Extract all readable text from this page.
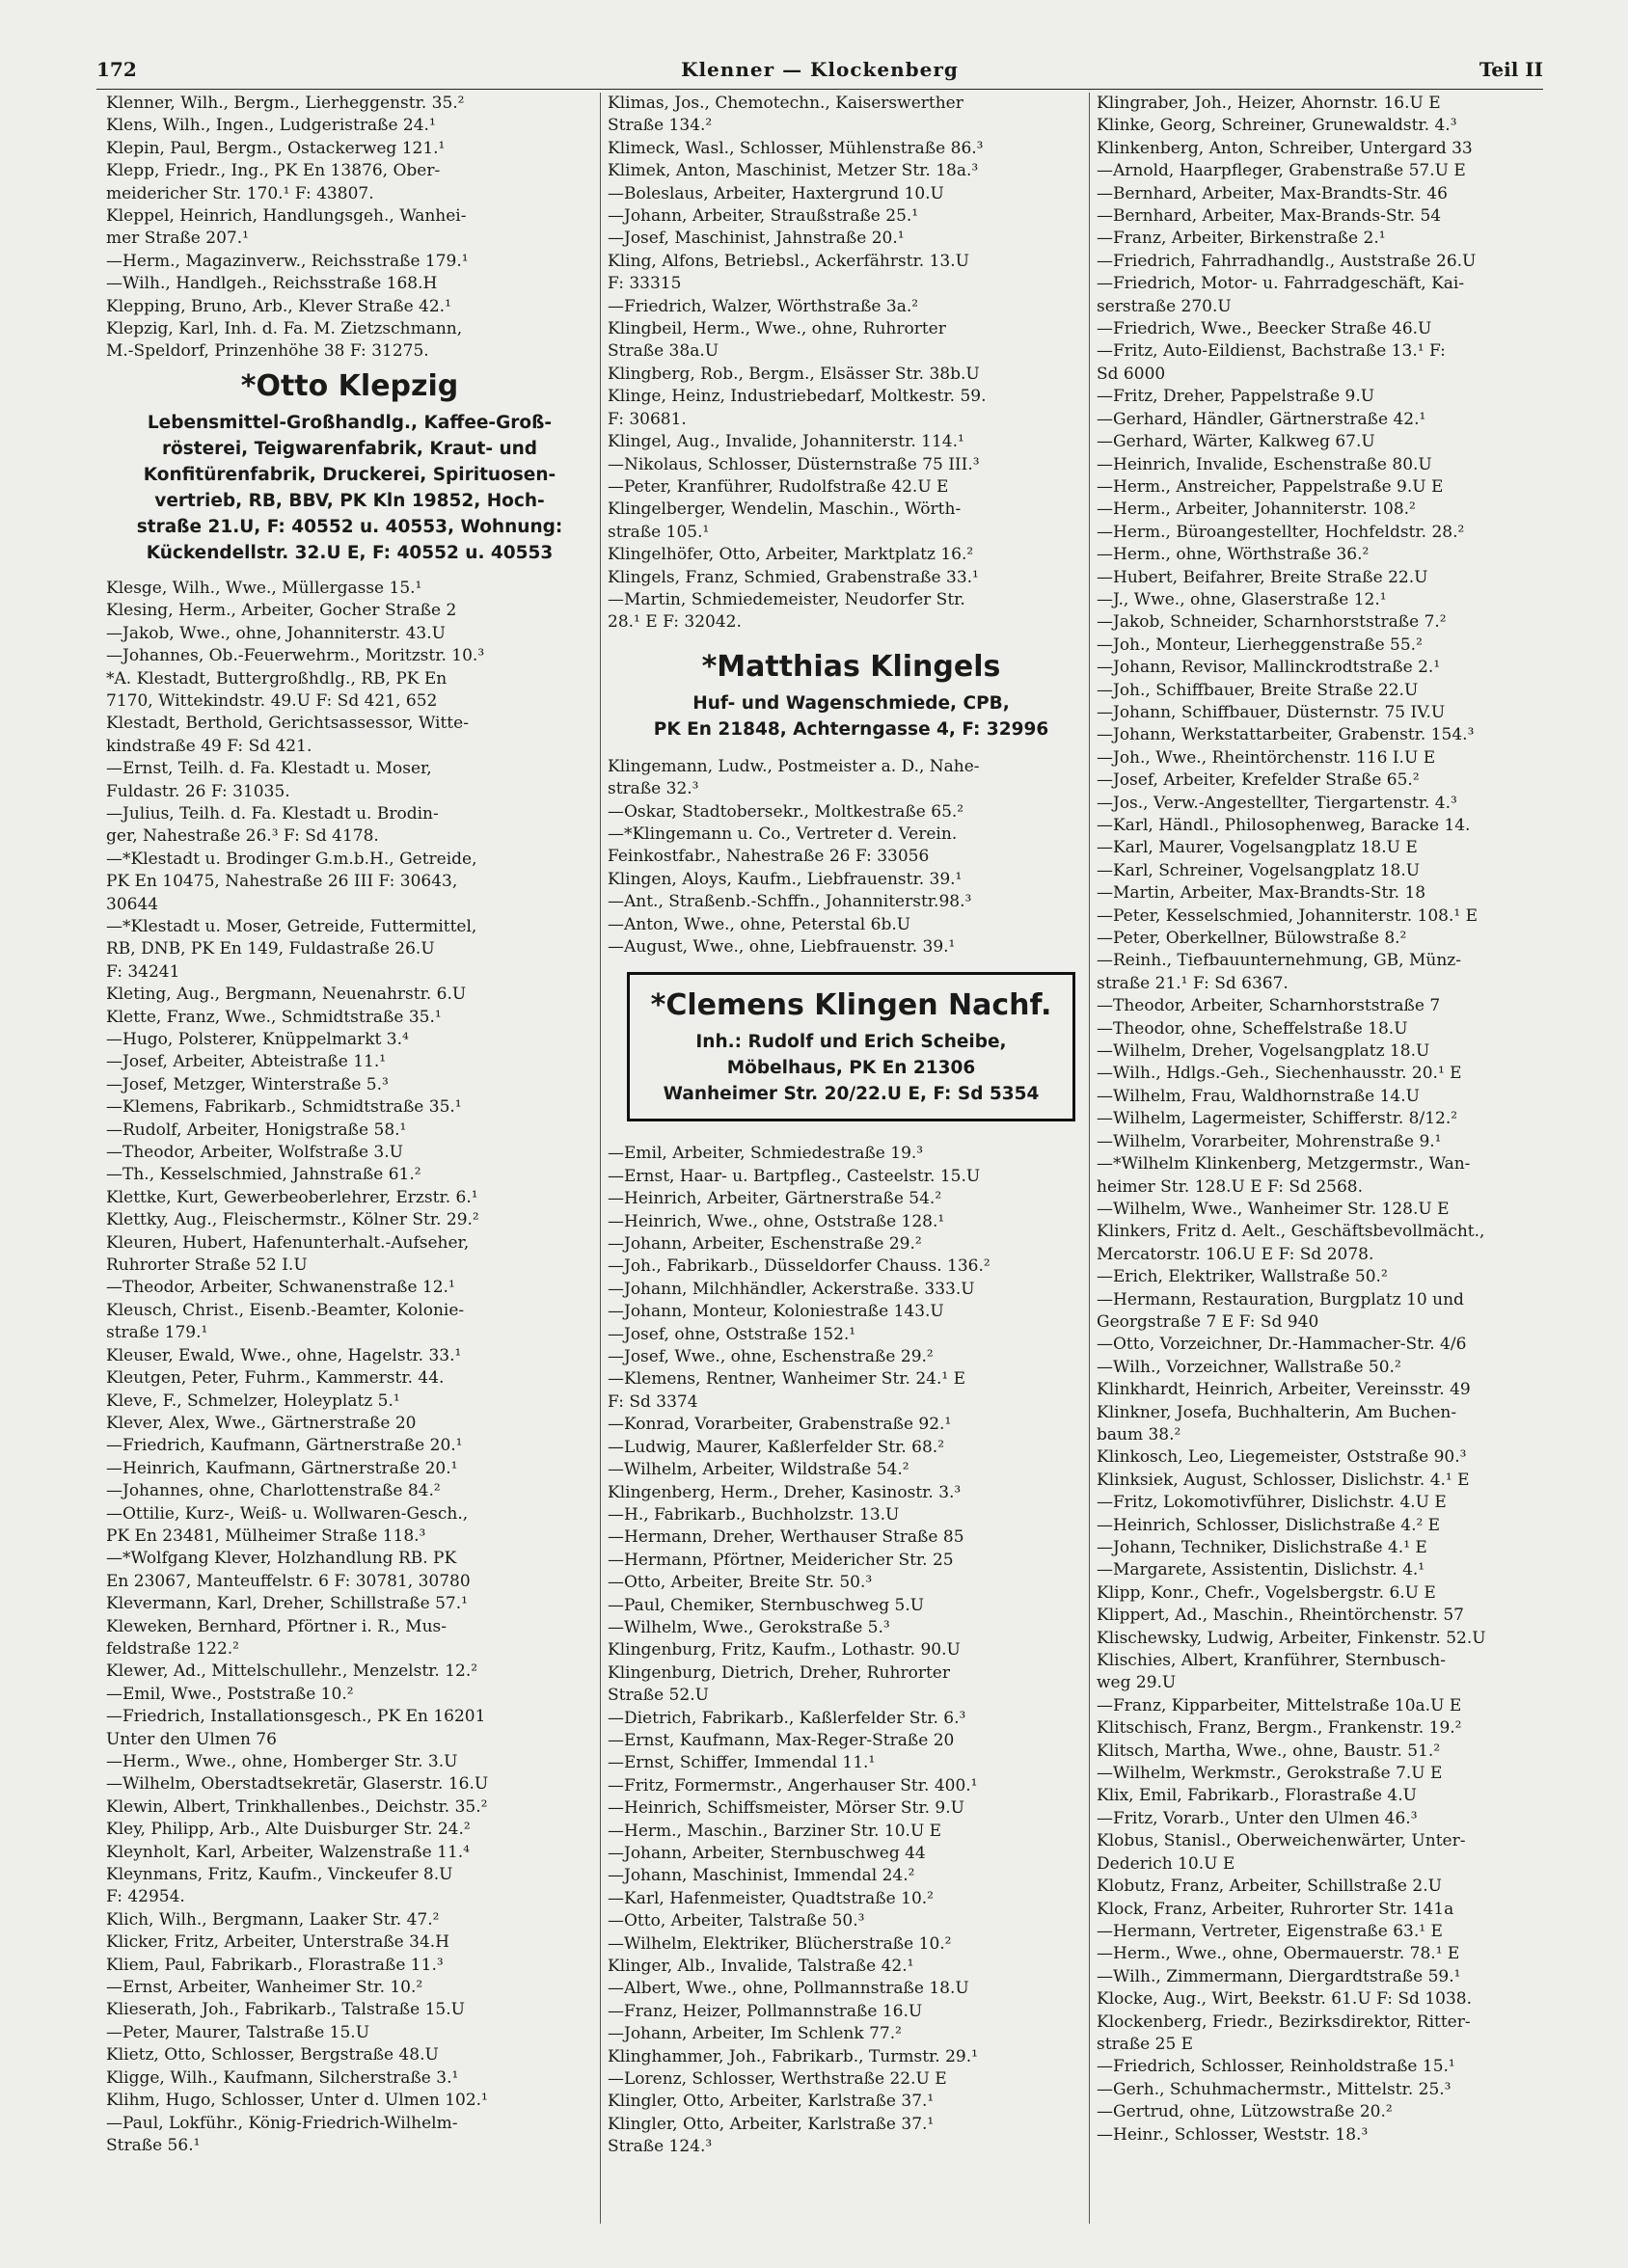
172	Klenner — Klockenberg	Teil II
Klenner, Wilh., Bergm., Lierheggenstr. 35.²
Klens, Wilh., Ingen., Ludgeristraße 24.¹
Klepin, Paul, Bergm., Ostackerweg 121.¹
Klepp, Friedr., Ing., PK En 13876, Ober-
meidericher Str. 170.¹ F: 43807.
Kleppel, Heinrich, Handlungsgeh., Wanhei-
mer Straße 207.¹
—Herm., Magazinverw., Reichsstraße 179.¹
—Wilh., Handlgeh., Reichsstraße 168.H
Klepping, Bruno, Arb., Klever Straße 42.¹
Klepzig, Karl, Inh. d. Fa. M. Zietzschmann,
M.-Speldorf, Prinzenhöhe 38 F: 31275.
*Otto Klepzig
Lebensmittel-Großhandlg., Kaffee-Groß-
rösterei, Teigwarenfabrik, Kraut- und
Konfitürenfabrik, Druckerei, Spirituosen-
vertrieb, RB, BBV, PK Kln 19852, Hoch-
straße 21.U, F: 40552 u. 40553, Wohnung:
Kückendellstr. 32.U E, F: 40552 u. 40553
Klesge, Wilh., Wwe., Müllergasse 15.¹
Klesing, Herm., Arbeiter, Gocher Straße 2
—Jakob, Wwe., ohne, Johanniterstr. 43.U
—Johannes, Ob.-Feuerwehrm., Moritzstr. 10.³
*A. Klestadt, Buttergroßhdlg., RB, PK En
7170, Wittekindstr. 49.U F: Sd 421, 652
Klestadt, Berthold, Gerichtsassessor, Witte-
kindstraße 49 F: Sd 421.
—Ernst, Teilh. d. Fa. Klestadt u. Moser,
Fuldastr. 26 F: 31035.
—Julius, Teilh. d. Fa. Klestadt u. Brodin-
ger, Nahestraße 26.³ F: Sd 4178.
—*Klestadt u. Brodinger G.m.b.H., Getreide,
PK En 10475, Nahestraße 26 III F: 30643,
30644
—*Klestadt u. Moser, Getreide, Futtermittel,
RB, DNB, PK En 149, Fuldastraße 26.U
F: 34241
Kleting, Aug., Bergmann, Neuenahrstr. 6.U
Klette, Franz, Wwe., Schmidtstraße 35.¹
—Hugo, Polsterer, Knüppelmarkt 3.⁴
—Josef, Arbeiter, Abteistraße 11.¹
—Josef, Metzger, Winterstraße 5.³
—Klemens, Fabrikarb., Schmidtstraße 35.¹
—Rudolf, Arbeiter, Honigstraße 58.¹
—Theodor, Arbeiter, Wolfstraße 3.U
—Th., Kesselschmied, Jahnstraße 61.²
Klettke, Kurt, Gewerbeoberlehrer, Erzstr. 6.¹
Klettky, Aug., Fleischermstr., Kölner Str. 29.²
Kleuren, Hubert, Hafenunterhalt.-Aufseher,
Ruhrorter Straße 52 I.U
—Theodor, Arbeiter, Schwanenstraße 12.¹
Kleusch, Christ., Eisenb.-Beamter, Kolonie-
straße 179.¹
Kleuser, Ewald, Wwe., ohne, Hagelstr. 33.¹
Kleutgen, Peter, Fuhrm., Kammerstr. 44.
Kleve, F., Schmelzer, Holeyplatz 5.¹
Klever, Alex, Wwe., Gärtnerstraße 20
—Friedrich, Kaufmann, Gärtnerstraße 20.¹
—Heinrich, Kaufmann, Gärtnerstraße 20.¹
—Johannes, ohne, Charlottenstraße 84.²
—Ottilie, Kurz-, Weiß- u. Wollwaren-Gesch.,
PK En 23481, Mülheimer Straße 118.³
—*Wolfgang Klever, Holzhandlung RB. PK
En 23067, Manteuffelstr. 6 F: 30781, 30780
Klevermann, Karl, Dreher, Schillstraße 57.¹
Kleweken, Bernhard, Pförtner i. R., Mus-
feldstraße 122.²
Klewer, Ad., Mittelschullehr., Menzelstr. 12.²
—Emil, Wwe., Poststraße 10.²
—Friedrich, Installationsgesch., PK En 16201
Unter den Ulmen 76
—Herm., Wwe., ohne, Homberger Str. 3.U
—Wilhelm, Oberstadtsekretär, Glaserstr. 16.U
Klewin, Albert, Trinkhallenbes., Deichstr. 35.²
Kley, Philipp, Arb., Alte Duisburger Str. 24.²
Kleynholt, Karl, Arbeiter, Walzenstraße 11.⁴
Kleynmans, Fritz, Kaufm., Vinckeufer 8.U
F: 42954.
Klich, Wilh., Bergmann, Laaker Str. 47.²
Klicker, Fritz, Arbeiter, Unterstraße 34.H
Kliem, Paul, Fabrikarb., Florastraße 11.³
—Ernst, Arbeiter, Wanheimer Str. 10.²
Klieserath, Joh., Fabrikarb., Talstraße 15.U
—Peter, Maurer, Talstraße 15.U
Klietz, Otto, Schlosser, Bergstraße 48.U
Kligge, Wilh., Kaufmann, Silcherstraße 3.¹
Klihm, Hugo, Schlosser, Unter d. Ulmen 102.¹
—Paul, Lokführ., König-Friedrich-Wilhelm-
Straße 56.¹
Klimas, Jos., Chemotechn., Kaiserswerther
Straße 134.²
Klimeck, Wasl., Schlosser, Mühlenstraße 86.³
Klimek, Anton, Maschinist, Metzer Str. 18a.³
—Boleslaus, Arbeiter, Haxtergrund 10.U
—Johann, Arbeiter, Straußstraße 25.¹
—Josef, Maschinist, Jahnstraße 20.¹
Kling, Alfons, Betriebsl., Ackerfährstr. 13.U
F: 33315
—Friedrich, Walzer, Wörthstraße 3a.²
Klingbeil, Herm., Wwe., ohne, Ruhrorter
Straße 38a.U
Klingberg, Rob., Bergm., Elsässer Str. 38b.U
Klinge, Heinz, Industriebedarf, Moltkestr. 59.
F: 30681.
Klingel, Aug., Invalide, Johanniterstr. 114.¹
—Nikolaus, Schlosser, Düsternstraße 75 III.³
—Peter, Kranführer, Rudolfstraße 42.U E
Klingelberger, Wendelin, Maschin., Wörth-
straße 105.¹
Klingelhöfer, Otto, Arbeiter, Marktplatz 16.²
Klingels, Franz, Schmied, Grabenstraße 33.¹
—Martin, Schmiedemeister, Neudorfer Str.
28.¹ E F: 32042.
*Matthias Klingels
Huf- und Wagenschmiede, CPB,
PK En 21848, Achterngasse 4, F: 32996
Klingemann, Ludw., Postmeister a. D., Nahe-
straße 32.³
—Oskar, Stadtobersekr., Moltkestraße 65.²
—*Klingemann u. Co., Vertreter d. Verein.
Feinkostfabr., Nahestraße 26 F: 33056
Klingen, Aloys, Kaufm., Liebfrauenstr. 39.¹
—Ant., Straßenb.-Schffn., Johanniterstr.98.³
—Anton, Wwe., ohne, Peterstal 6b.U
—August, Wwe., ohne, Liebfrauenstr. 39.¹
*Clemens Klingen Nachf.
Inh.: Rudolf und Erich Scheibe,
Möbelhaus, PK En 21306
Wanheimer Str. 20/22.U E, F: Sd 5354
—Emil, Arbeiter, Schmiedestraße 19.³
—Ernst, Haar- u. Bartpfleg., Casteelstr. 15.U
—Heinrich, Arbeiter, Gärtnerstraße 54.²
—Heinrich, Wwe., ohne, Oststraße 128.¹
—Johann, Arbeiter, Eschenstraße 29.²
—Joh., Fabrikarb., Düsseldorfer Chauss. 136.²
—Johann, Milchhändler, Ackerstraße. 333.U
—Johann, Monteur, Koloniestraße 143.U
—Josef, ohne, Oststraße 152.¹
—Josef, Wwe., ohne, Eschenstraße 29.²
—Klemens, Rentner, Wanheimer Str. 24.¹ E
F: Sd 3374
—Konrad, Vorarbeiter, Grabenstraße 92.¹
—Ludwig, Maurer, Kaßlerfelder Str. 68.²
—Wilhelm, Arbeiter, Wildstraße 54.²
Klingenberg, Herm., Dreher, Kasinostr. 3.³
—H., Fabrikarb., Buchholzstr. 13.U
—Hermann, Dreher, Werthauser Straße 85
—Hermann, Pförtner, Meidericher Str. 25
—Otto, Arbeiter, Breite Str. 50.³
—Paul, Chemiker, Sternbuschweg 5.U
—Wilhelm, Wwe., Gerokstraße 5.³
Klingenburg, Fritz, Kaufm., Lothastr. 90.U
Klingenburg, Dietrich, Dreher, Ruhrorter
Straße 52.U
—Dietrich, Fabrikarb., Kaßlerfelder Str. 6.³
—Ernst, Kaufmann, Max-Reger-Straße 20
—Ernst, Schiffer, Immendal 11.¹
—Fritz, Formermstr., Angerhauser Str. 400.¹
—Heinrich, Schiffsmeister, Mörser Str. 9.U
—Herm., Maschin., Barziner Str. 10.U E
—Johann, Arbeiter, Sternbuschweg 44
—Johann, Maschinist, Immendal 24.²
—Karl, Hafenmeister, Quadtstraße 10.²
—Otto, Arbeiter, Talstraße 50.³
—Wilhelm, Elektriker, Blücherstraße 10.²
Klinger, Alb., Invalide, Talstraße 42.¹
—Albert, Wwe., ohne, Pollmannstraße 18.U
—Franz, Heizer, Pollmannstraße 16.U
—Johann, Arbeiter, Im Schlenk 77.²
Klinghammer, Joh., Fabrikarb., Turmstr. 29.¹
—Lorenz, Schlosser, Werthstraße 22.U E
Klingler, Otto, Arbeiter, Karlstraße 37.¹
Klingler, Otto, Arbeiter, Karlstraße 37.¹
Straße 124.³
Klingraber, Joh., Heizer, Ahornstr. 16.U E
Klinke, Georg, Schreiner, Grunewaldstr. 4.³
Klinkenberg, Anton, Schreiber, Untergard 33
—Arnold, Haarpfleger, Grabenstraße 57.U E
—Bernhard, Arbeiter, Max-Brandts-Str. 46
—Bernhard, Arbeiter, Max-Brands-Str. 54
—Franz, Arbeiter, Birkenstraße 2.¹
—Friedrich, Fahrradhandlg., Auststraße 26.U
—Friedrich, Motor- u. Fahrradgeschäft, Kai-
serstraße 270.U
—Friedrich, Wwe., Beecker Straße 46.U
—Fritz, Auto-Eildienst, Bachstraße 13.¹ F:
Sd 6000
—Fritz, Dreher, Pappelstraße 9.U
—Gerhard, Händler, Gärtnerstraße 42.¹
—Gerhard, Wärter, Kalkweg 67.U
—Heinrich, Invalide, Eschenstraße 80.U
—Herm., Anstreicher, Pappelstraße 9.U E
—Herm., Arbeiter, Johanniterstr. 108.²
—Herm., Büroangestellter, Hochfeldstr. 28.²
—Herm., ohne, Wörthstraße 36.²
—Hubert, Beifahrer, Breite Straße 22.U
—J., Wwe., ohne, Glaserstraße 12.¹
—Jakob, Schneider, Scharnhorststraße 7.²
—Joh., Monteur, Lierheggenstraße 55.²
—Johann, Revisor, Mallinckrodtstraße 2.¹
—Joh., Schiffbauer, Breite Straße 22.U
—Johann, Schiffbauer, Düsternstr. 75 IV.U
—Johann, Werkstattarbeiter, Grabenstr. 154.³
—Joh., Wwe., Rheintörchenstr. 116 I.U E
—Josef, Arbeiter, Krefelder Straße 65.²
—Jos., Verw.-Angestellter, Tiergartenstr. 4.³
—Karl, Händl., Philosophenweg, Baracke 14.
—Karl, Maurer, Vogelsangplatz 18.U E
—Karl, Schreiner, Vogelsangplatz 18.U
—Martin, Arbeiter, Max-Brandts-Str. 18
—Peter, Kesselschmied, Johanniterstr. 108.¹ E
—Peter, Oberkellner, Bülowstraße 8.²
—Reinh., Tiefbauunternehmung, GB, Münz-
straße 21.¹ F: Sd 6367.
—Theodor, Arbeiter, Scharnhorststraße 7
—Theodor, ohne, Scheffelstraße 18.U
—Wilhelm, Dreher, Vogelsangplatz 18.U
—Wilh., Hdlgs.-Geh., Siechenhausstr. 20.¹ E
—Wilhelm, Frau, Waldhornstraße 14.U
—Wilhelm, Lagermeister, Schifferstr. 8/12.²
—Wilhelm, Vorarbeiter, Mohrenstraße 9.¹
—*Wilhelm Klinkenberg, Metzgermstr., Wan-
heimer Str. 128.U E F: Sd 2568.
—Wilhelm, Wwe., Wanheimer Str. 128.U E
Klinkers, Fritz d. Aelt., Geschäftsbevollmächt.,
Mercatorstr. 106.U E F: Sd 2078.
—Erich, Elektriker, Wallstraße 50.²
—Hermann, Restauration, Burgplatz 10 und
Georgstraße 7 E F: Sd 940
—Otto, Vorzeichner, Dr.-Hammacher-Str. 4/6
—Wilh., Vorzeichner, Wallstraße 50.²
Klinkhardt, Heinrich, Arbeiter, Vereinsstr. 49
Klinkner, Josefa, Buchhalterin, Am Buchen-
baum 38.²
Klinkosch, Leo, Liegemeister, Oststraße 90.³
Klinksiek, August, Schlosser, Dislichstr. 4.¹ E
—Fritz, Lokomotivführer, Dislichstr. 4.U E
—Heinrich, Schlosser, Dislichstraße 4.² E
—Johann, Techniker, Dislichstraße 4.¹ E
—Margarete, Assistentin, Dislichstr. 4.¹
Klipp, Konr., Chefr., Vogelsbergstr. 6.U E
Klippert, Ad., Maschin., Rheintörchenstr. 57
Klischewsky, Ludwig, Arbeiter, Finkenstr. 52.U
Klischies, Albert, Kranführer, Sternbusch-
weg 29.U
—Franz, Kipparbeiter, Mittelstraße 10a.U E
Klitschisch, Franz, Bergm., Frankenstr. 19.²
Klitsch, Martha, Wwe., ohne, Baustr. 51.²
—Wilhelm, Werkmstr., Gerokstraße 7.U E
Klix, Emil, Fabrikarb., Florastraße 4.U
—Fritz, Vorarb., Unter den Ulmen 46.³
Klobus, Stanisl., Oberweichenwärter, Unter-
Dederich 10.U E
Klobutz, Franz, Arbeiter, Schillstraße 2.U
Klock, Franz, Arbeiter, Ruhrorter Str. 141a
—Hermann, Vertreter, Eigenstraße 63.¹ E
—Herm., Wwe., ohne, Obermauerstr. 78.¹ E
—Wilh., Zimmermann, Diergardtstraße 59.¹
Klocke, Aug., Wirt, Beekstr. 61.U F: Sd 1038.
Klockenberg, Friedr., Bezirksdirektor, Ritter-
straße 25 E
—Friedrich, Schlosser, Reinholdstraße 15.¹
—Gerh., Schuhmachermstr., Mittelstr. 25.³
—Gertrud, ohne, Lützowstraße 20.²
—Heinr., Schlosser, Weststr. 18.³
